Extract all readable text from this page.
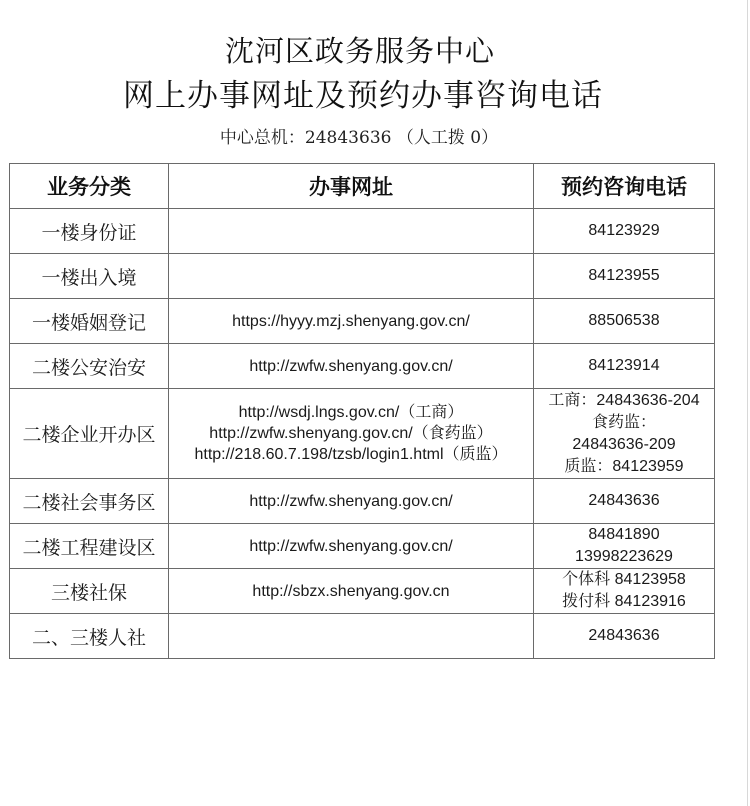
沈河区政务服务中心
网上办事网址及预约办事咨询电话
中心总机：24843636 （人工拨 0）
业务分类	办事网址	预约咨询电话
一楼身份证		84123929

一楼出入境		84123955

一楼婚姻登记	https://hyyy.mzj.shenyang.gov.cn/	88506538

二楼公安治安	http://zwfw.shenyang.gov.cn/	84123914

二楼企业开办区	http://wsdj.lngs.gov.cn/（工商）
http://zwfw.shenyang.gov.cn/（食药监）
http://218.60.7.198/tzsb/login1.html（质监）	工商：24843636-204
食药监：
24843636-209
质监：84123959

二楼社会事务区	http://zwfw.shenyang.gov.cn/	24843636

二楼工程建设区	http://zwfw.shenyang.gov.cn/	84841890
13998223629

三楼社保	http://sbzx.shenyang.gov.cn	个体科 84123958
拨付科 84123916

二、三楼人社		24843636
